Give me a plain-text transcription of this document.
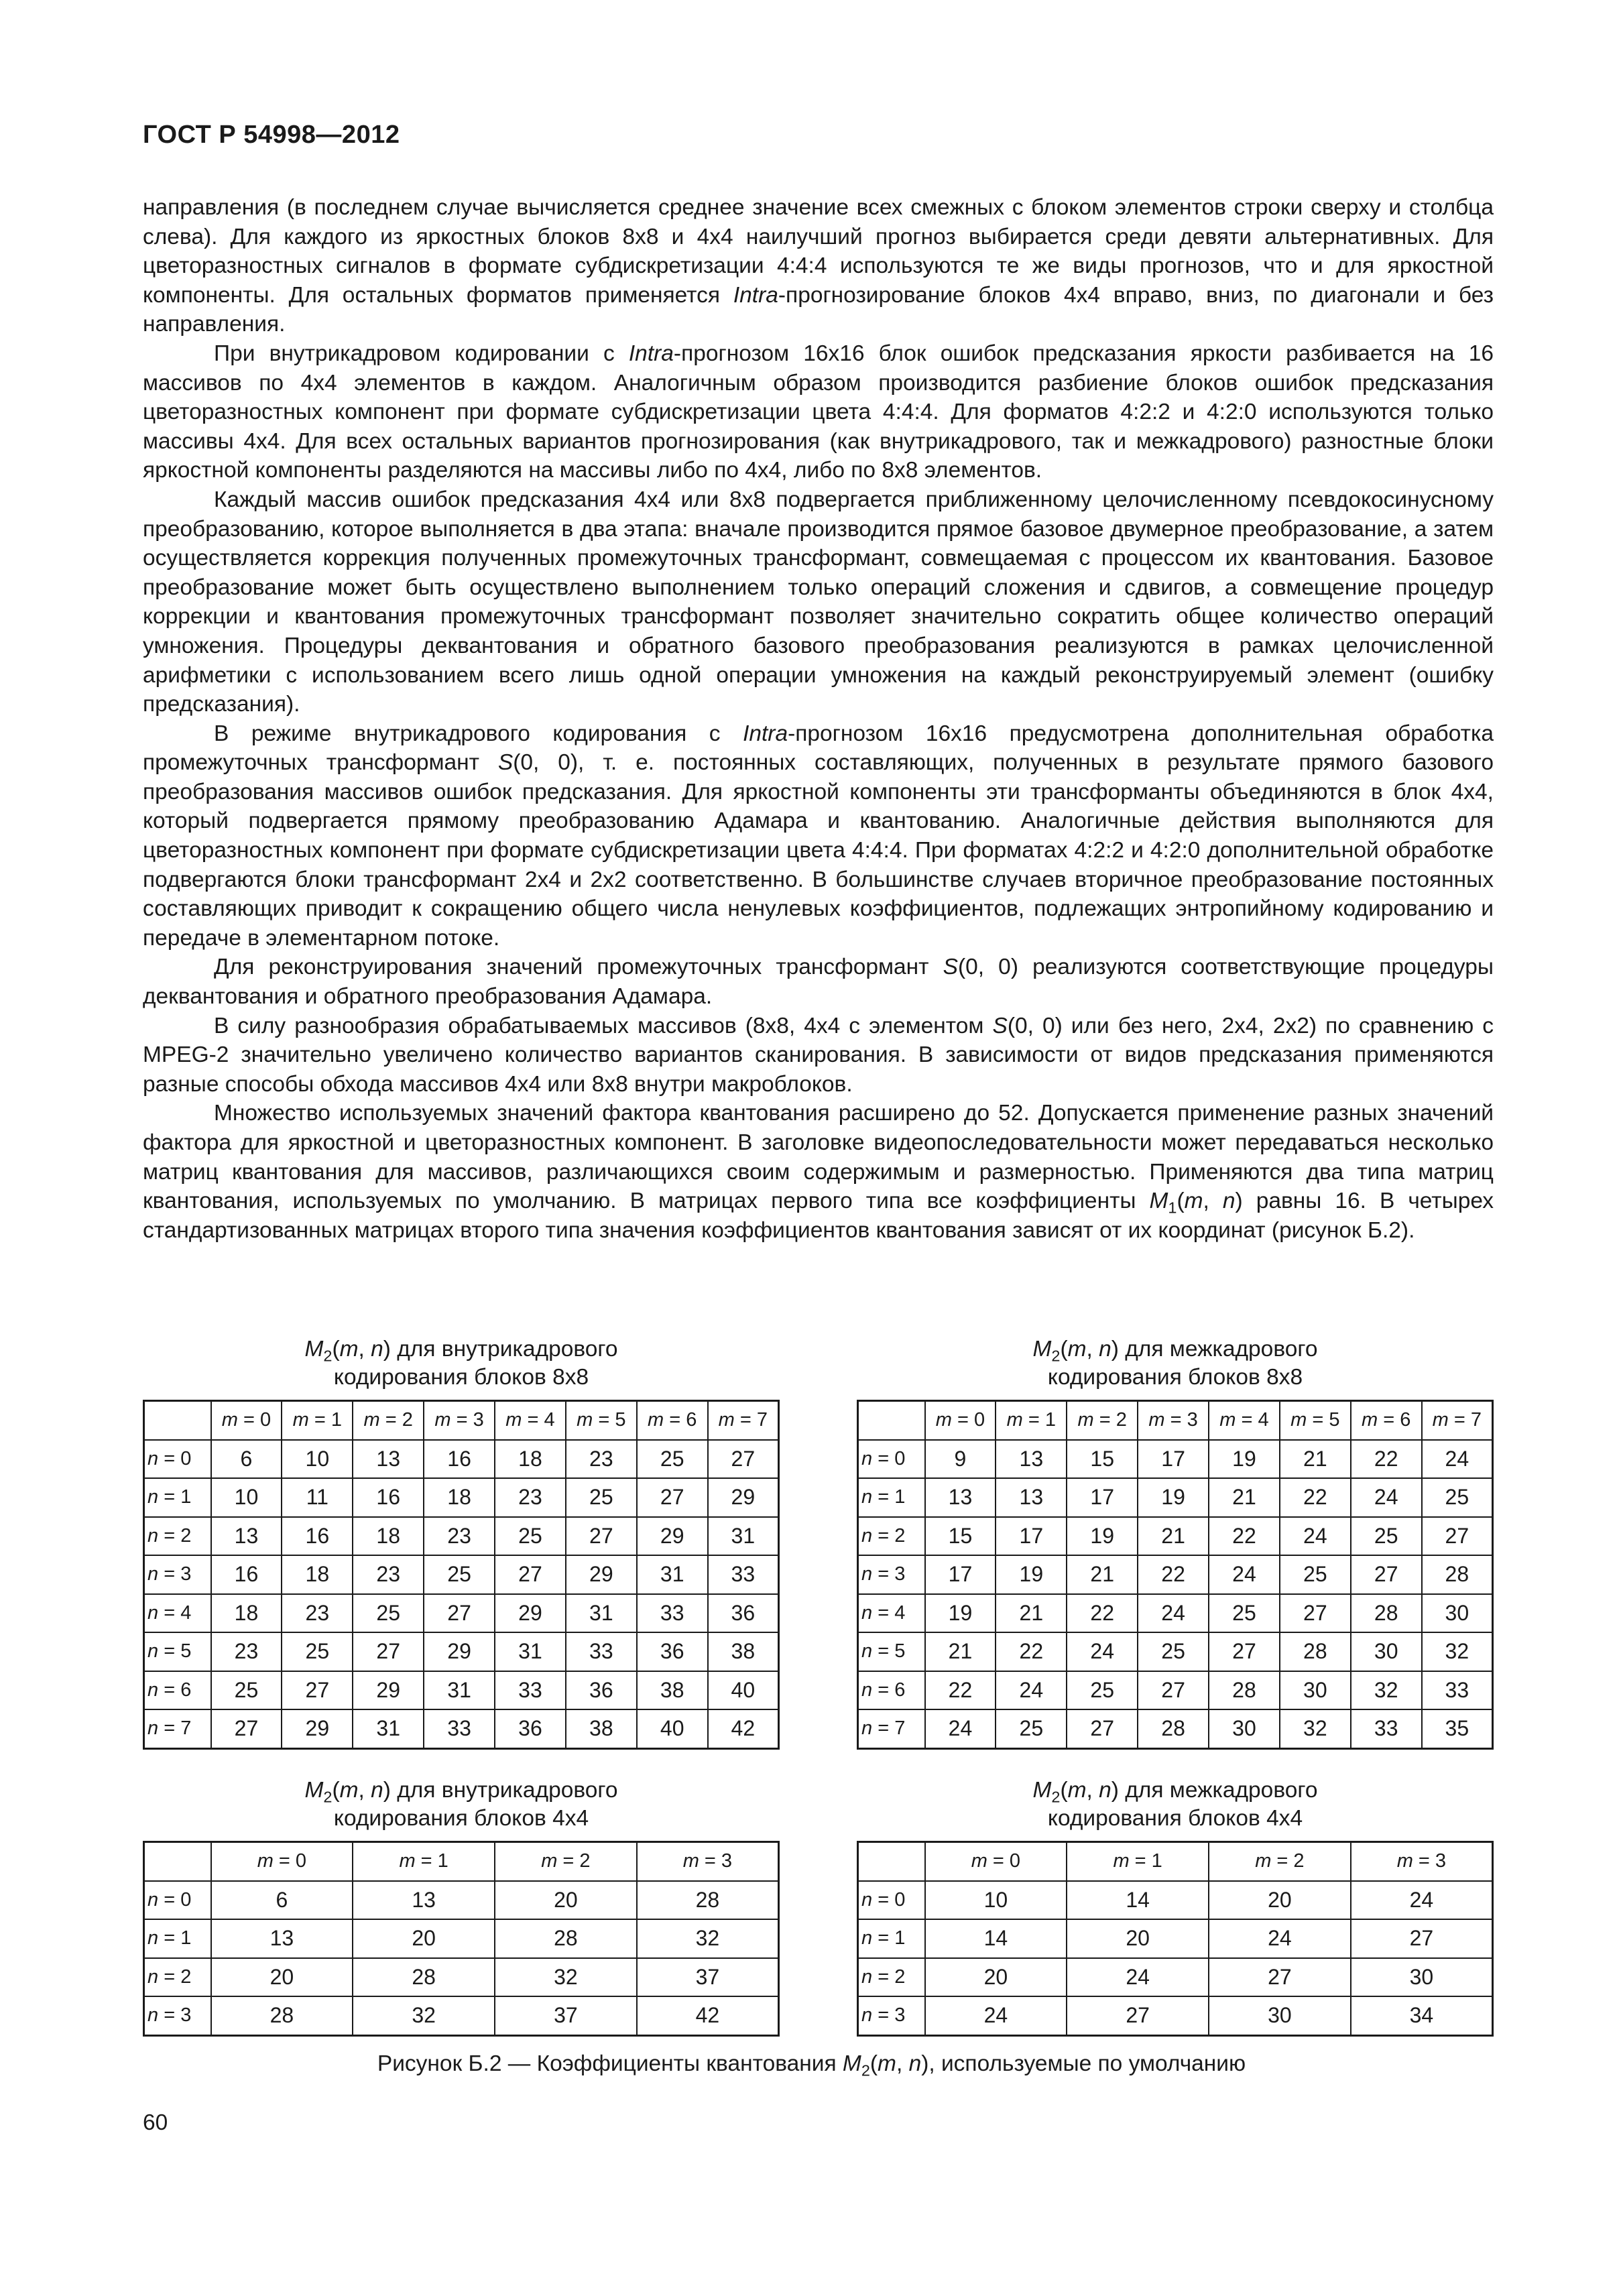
ГОСТ Р 54998—2012

направления (в последнем случае вычисляется среднее значение всех смежных с блоком элементов строки сверху и столбца слева). Для каждого из яркостных блоков 8x8 и 4x4 наилучший прогноз выбирается среди девяти альтернативных. Для цветоразностных сигналов в формате субдискретизации 4:4:4 используются те же виды прогнозов, что и для яркостной компоненты. Для остальных форматов применяется Intra-прогнозирование блоков 4x4 вправо, вниз, по диагонали и без направления.

При внутрикадровом кодировании с Intra-прогнозом 16x16 блок ошибок предсказания яркости разбивается на 16 массивов по 4x4 элементов в каждом. Аналогичным образом производится разбиение блоков ошибок предсказания цветоразностных компонент при формате субдискретизации цвета 4:4:4. Для форматов 4:2:2 и 4:2:0 используются только массивы 4x4. Для всех остальных вариантов прогнозирования (как внутрикадрового, так и межкадрового) разностные блоки яркостной компоненты разделяются на массивы либо по 4x4, либо по 8x8 элементов.

Каждый массив ошибок предсказания 4x4 или 8x8 подвергается приближенному целочисленному псевдокосинусному преобразованию, которое выполняется в два этапа: вначале производится прямое базовое двумерное преобразование, а затем осуществляется коррекция полученных промежуточных трансформант, совмещаемая с процессом их квантования. Базовое преобразование может быть осуществлено выполнением только операций сложения и сдвигов, а совмещение процедур коррекции и квантования промежуточных трансформант позволяет значительно сократить общее количество операций умножения. Процедуры деквантования и обратного базового преобразования реализуются в рамках целочисленной арифметики с использованием всего лишь одной операции умножения на каждый реконструируемый элемент (ошибку предсказания).

В режиме внутрикадрового кодирования с Intra-прогнозом 16x16 предусмотрена дополнительная обработка промежуточных трансформант S(0, 0), т. е. постоянных составляющих, полученных в результате прямого базового преобразования массивов ошибок предсказания. Для яркостной компоненты эти трансформанты объединяются в блок 4x4, который подвергается прямому преобразованию Адамара и квантованию. Аналогичные действия выполняются для цветоразностных компонент при формате субдискретизации цвета 4:4:4. При форматах 4:2:2 и 4:2:0 дополнительной обработке подвергаются блоки трансформант 2x4 и 2x2 соответственно. В большинстве случаев вторичное преобразование постоянных составляющих приводит к сокращению общего числа ненулевых коэффициентов, подлежащих энтропийному кодированию и передаче в элементарном потоке.

Для реконструирования значений промежуточных трансформант S(0, 0) реализуются соответствующие процедуры деквантования и обратного преобразования Адамара.

В силу разнообразия обрабатываемых массивов (8x8, 4x4 с элементом S(0, 0) или без него, 2x4, 2x2) по сравнению с MPEG-2 значительно увеличено количество вариантов сканирования. В зависимости от видов предсказания применяются разные способы обхода массивов 4x4 или 8x8 внутри макроблоков.

Множество используемых значений фактора квантования расширено до 52. Допускается применение разных значений фактора для яркостной и цветоразностных компонент. В заголовке видеопоследовательности может передаваться несколько матриц квантования для массивов, различающихся своим содержимым и размерностью. Применяются два типа матриц квантования, используемых по умолчанию. В матрицах первого типа все коэффициенты $M_1(m$, n) равны 16. В четырех стандартизованных матрицах второго типа значения коэффициентов квантования зависят от их координат (рисунок Б.2).

$M_2(m$, n) для внутрикадрового
кодирования блоков 8x8
	m = 0	m = 1	m = 2	m = 3	m = 4	m = 5	m = 6	m = 7
n = 0	6	10	13	16	18	23	25	27
n = 1	10	11	16	18	23	25	27	29
n = 2	13	16	18	23	25	27	29	31
n = 3	16	18	23	25	27	29	31	33
n = 4	18	23	25	27	29	31	33	36
n = 5	23	25	27	29	31	33	36	38
n = 6	25	27	29	31	33	36	38	40
n = 7	27	29	31	33	36	38	40	42
$M_2(m$, n) для межкадрового
кодирования блоков 8x8
	m = 0	m = 1	m = 2	m = 3	m = 4	m = 5	m = 6	m = 7
n = 0	9	13	15	17	19	21	22	24
n = 1	13	13	17	19	21	22	24	25
n = 2	15	17	19	21	22	24	25	27
n = 3	17	19	21	22	24	25	27	28
n = 4	19	21	22	24	25	27	28	30
n = 5	21	22	24	25	27	28	30	32
n = 6	22	24	25	27	28	30	32	33
n = 7	24	25	27	28	30	32	33	35
$M_2(m$, n) для внутрикадрового
кодирования блоков 4x4
	m = 0	m = 1	m = 2	m = 3
n = 0	6	13	20	28
n = 1	13	20	28	32
n = 2	20	28	32	37
n = 3	28	32	37	42
$M_2(m$, n) для межкадрового
кодирования блоков 4x4
	m = 0	m = 1	m = 2	m = 3
n = 0	10	14	20	24
n = 1	14	20	24	27
n = 2	20	24	27	30
n = 3	24	27	30	34
Рисунок Б.2 — Коэффициенты квантования $M_2(m$, n), используемые по умолчанию
60
